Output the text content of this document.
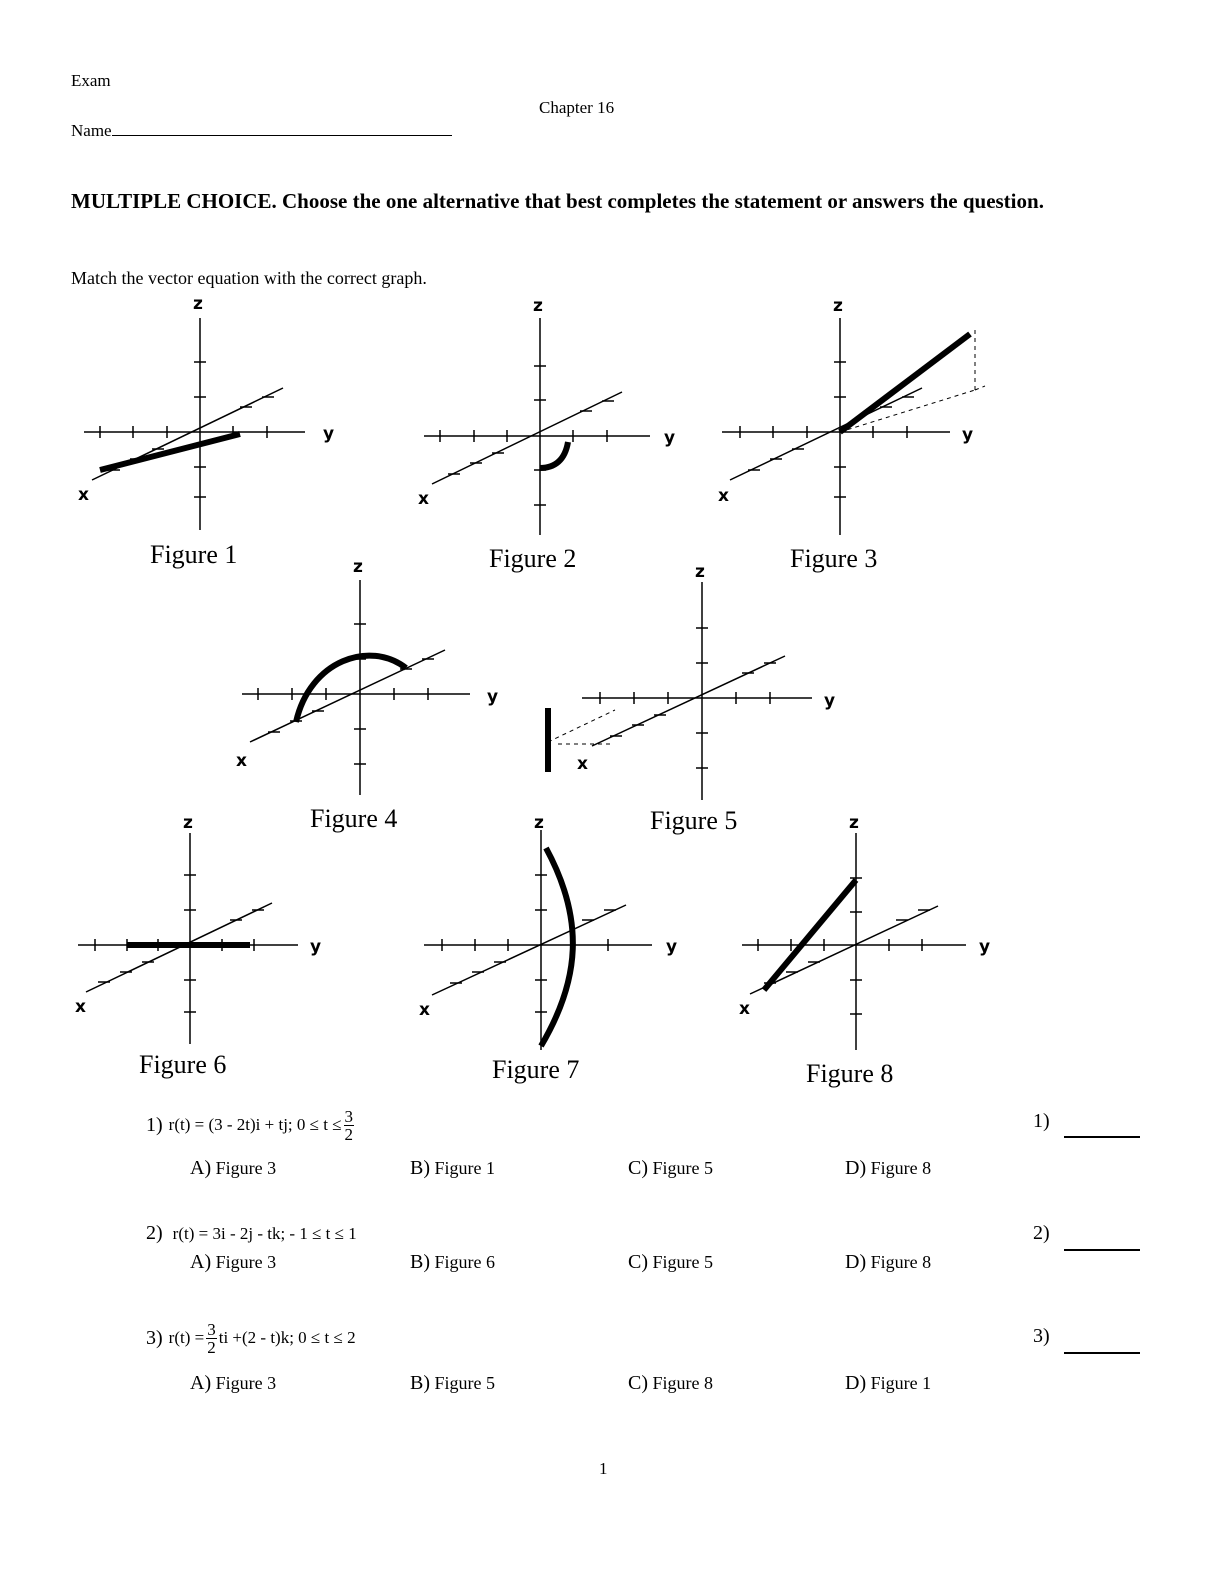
Exam
Chapter 16
Name
MULTIPLE CHOICE. Choose the one alternative that best completes the statement or answers the question.
Match the vector equation with the correct graph.
z
y
x
z
y
x
z
y
x
z
y
x
z
y
x
z
y
x
z
y
x
z
y
x
Figure 1	Figure 2	Figure 3
Figure 4	Figure 5
Figure 6	Figure 7	Figure 8
1) r(t) = (3 - 2t)i + tj; $0 \le t \le \frac{3}{2}$	1)
A) Figure 3	B) Figure 1	C) Figure 5	D) Figure 8
2) r(t) = 3i - 2j - tk; - 1 ≤ t ≤ 1	2)
A) Figure 3	B) Figure 6	C) Figure 5	D) Figure 8
3) $r(t) = \frac{3}{2}$ ti +(2 - t)k; 0 ≤ t ≤ 2	3)
A) Figure 3	B) Figure 5	C) Figure 8	D) Figure 1
1
